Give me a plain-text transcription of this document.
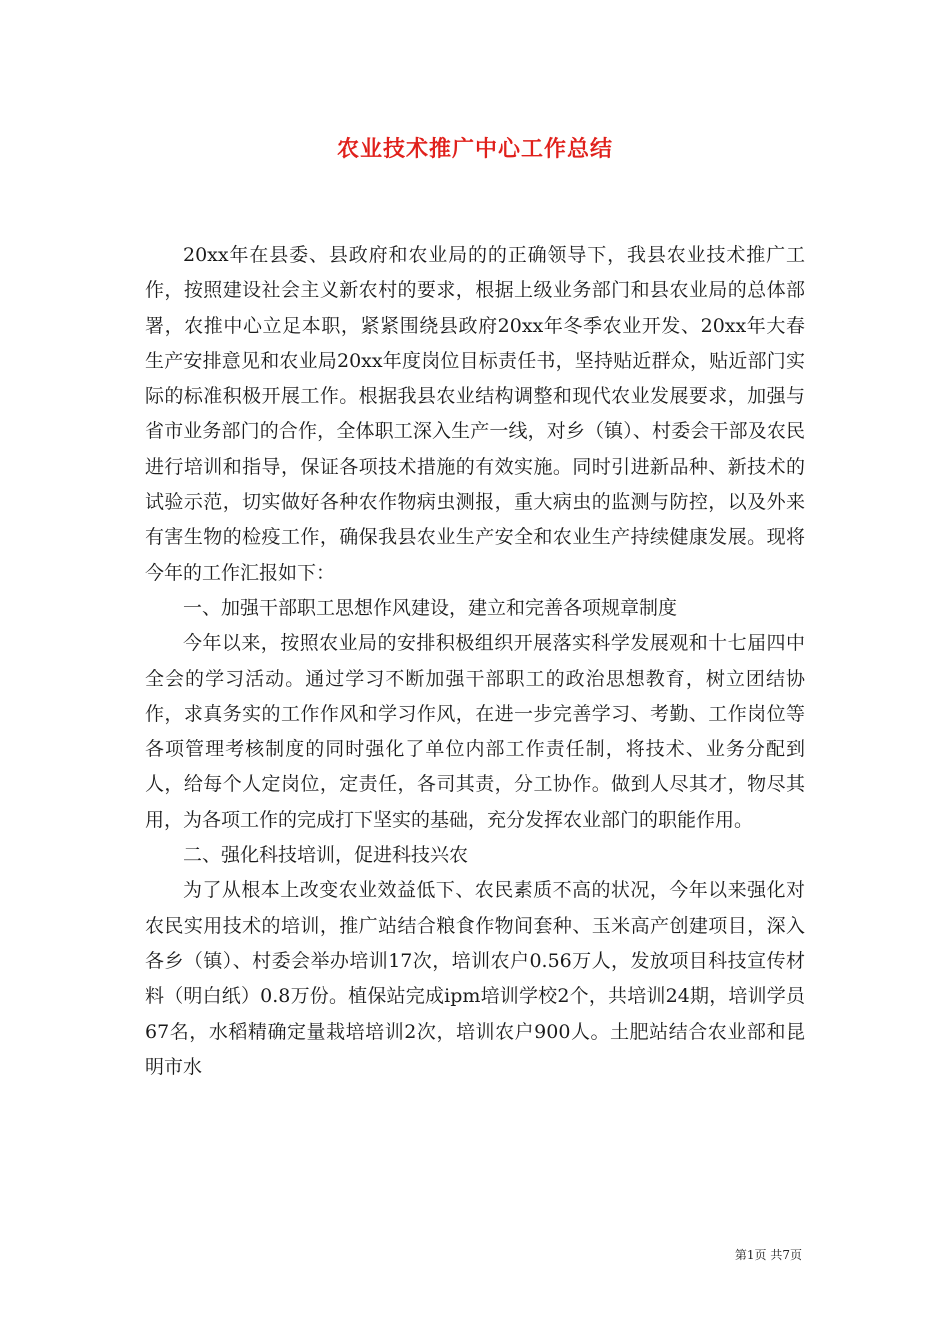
农业技术推广中心工作总结

20xx年在县委、县政府和农业局的的正确领导下，我县农业技术推广工作，按照建设社会主义新农村的要求，根据上级业务部门和县农业局的总体部署，农推中心立足本职，紧紧围绕县政府20xx年冬季农业开发、20xx年大春生产安排意见和农业局20xx年度岗位目标责任书，坚持贴近群众，贴近部门实际的标准积极开展工作。根据我县农业结构调整和现代农业发展要求，加强与省市业务部门的合作，全体职工深入生产一线，对乡（镇）、村委会干部及农民进行培训和指导，保证各项技术措施的有效实施。同时引进新品种、新技术的试验示范，切实做好各种农作物病虫测报，重大病虫的监测与防控，以及外来有害生物的检疫工作，确保我县农业生产安全和农业生产持续健康发展。现将今年的工作汇报如下：

一、加强干部职工思想作风建设，建立和完善各项规章制度

今年以来，按照农业局的安排积极组织开展落实科学发展观和十七届四中全会的学习活动。通过学习不断加强干部职工的政治思想教育，树立团结协作，求真务实的工作作风和学习作风，在进一步完善学习、考勤、工作岗位等各项管理考核制度的同时强化了单位内部工作责任制，将技术、业务分配到人，给每个人定岗位，定责任，各司其责，分工协作。做到人尽其才，物尽其用，为各项工作的完成打下坚实的基础，充分发挥农业部门的职能作用。

二、强化科技培训，促进科技兴农

为了从根本上改变农业效益低下、农民素质不高的状况，今年以来强化对农民实用技术的培训，推广站结合粮食作物间套种、玉米高产创建项目，深入各乡（镇）、村委会举办培训17次，培训农户0.56万人，发放项目科技宣传材料（明白纸）0.8万份。植保站完成ipm培训学校2个，共培训24期，培训学员67名，水稻精确定量栽培培训2次，培训农户900人。土肥站结合农业部和昆明市水

第1页 共7页
